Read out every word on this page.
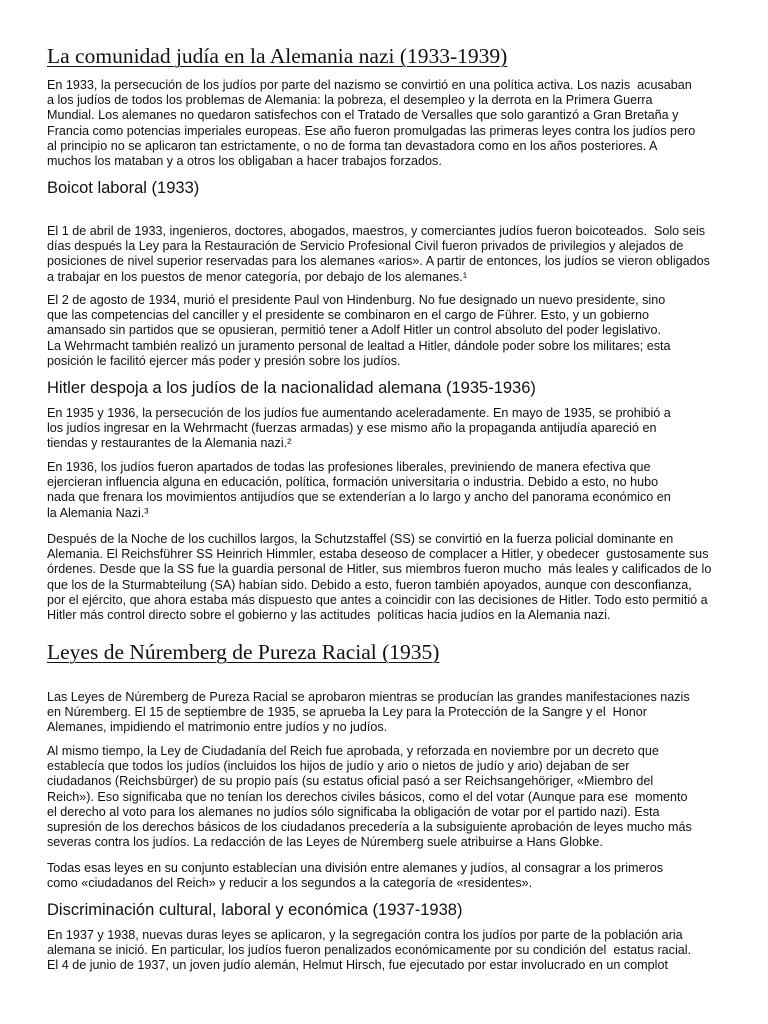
La comunidad judía en la Alemania nazi (1933-1939)

En 1933, la persecución de los judíos por parte del nazismo se convirtió en una política activa. Los nazis  acusaban
a los judíos de todos los problemas de Alemania: la pobreza, el desempleo y la derrota en la Primera Guerra
Mundial. Los alemanes no quedaron satisfechos con el Tratado de Versalles que solo garantizó a Gran Bretaña y
Francia como potencias imperiales europeas. Ese año fueron promulgadas las primeras leyes contra los judíos pero
al principio no se aplicaron tan estrictamente, o no de forma tan devastadora como en los años posteriores. A
muchos los mataban y a otros los obligaban a hacer trabajos forzados.

Boicot laboral (1933)

El 1 de abril de 1933, ingenieros, doctores, abogados, maestros, y comerciantes judíos fueron boicoteados.  Solo seis
días después la Ley para la Restauración de Servicio Profesional Civil fueron privados de privilegios y alejados de
posiciones de nivel superior reservadas para los alemanes «arios». A partir de entonces, los judíos se vieron obligados
a trabajar en los puestos de menor categoría, por debajo de los alemanes.¹

El 2 de agosto de 1934, murió el presidente Paul von Hindenburg. No fue designado un nuevo presidente, sino
que las competencias del canciller y el presidente se combinaron en el cargo de Führer. Esto, y un gobierno
amansado sin partidos que se opusieran, permitió tener a Adolf Hitler un control absoluto del poder legislativo.
La Wehrmacht también realizó un juramento personal de lealtad a Hitler, dándole poder sobre los militares; esta
posición le facilitó ejercer más poder y presión sobre los judíos.

Hitler despoja a los judíos de la nacionalidad alemana (1935-1936)

En 1935 y 1936, la persecución de los judíos fue aumentando aceleradamente. En mayo de 1935, se prohibió a
los judíos ingresar en la Wehrmacht (fuerzas armadas) y ese mismo año la propaganda antijudía apareció en
tiendas y restaurantes de la Alemania nazi.²

En 1936, los judíos fueron apartados de todas las profesiones liberales, previniendo de manera efectiva que
ejercieran influencia alguna en educación, política, formación universitaria o industria. Debido a esto, no hubo
nada que frenara los movimientos antijudíos que se extenderían a lo largo y ancho del panorama económico en
la Alemania Nazi.³

Después de la Noche de los cuchillos largos, la Schutzstaffel (SS) se convirtió en la fuerza policial dominante en
Alemania. El Reichsführer SS Heinrich Himmler, estaba deseoso de complacer a Hitler, y obedecer  gustosamente sus
órdenes. Desde que la SS fue la guardia personal de Hitler, sus miembros fueron mucho  más leales y calificados de lo
que los de la Sturmabteilung (SA) habían sido. Debido a esto, fueron también apoyados, aunque con desconfianza,
por el ejército, que ahora estaba más dispuesto que antes a coincidir con las decisiones de Hitler. Todo esto permitió a
Hitler más control directo sobre el gobierno y las actitudes  políticas hacia judíos en la Alemania nazi.

Leyes de Núremberg de Pureza Racial (1935)

Las Leyes de Núremberg de Pureza Racial se aprobaron mientras se producían las grandes manifestaciones nazis
en Núremberg. El 15 de septiembre de 1935, se aprueba la Ley para la Protección de la Sangre y el  Honor
Alemanes, impidiendo el matrimonio entre judíos y no judíos.

Al mismo tiempo, la Ley de Ciudadanía del Reich fue aprobada, y reforzada en noviembre por un decreto que
establecía que todos los judíos (incluidos los hijos de judío y ario o nietos de judío y ario) dejaban de ser
ciudadanos (Reichsbürger) de su propio país (su estatus oficial pasó a ser Reichsangehöriger, «Miembro del
Reich»). Eso significaba que no tenían los derechos civiles básicos, como el del votar (Aunque para ese  momento
el derecho al voto para los alemanes no judíos sólo significaba la obligación de votar por el partido nazi). Esta
supresión de los derechos básicos de los ciudadanos precedería a la subsiguiente aprobación de leyes mucho más
severas contra los judíos. La redacción de las Leyes de Núremberg suele atribuirse a Hans Globke.

Todas esas leyes en su conjunto establecían una división entre alemanes y judíos, al consagrar a los primeros
como «ciudadanos del Reich» y reducir a los segundos a la categoría de «residentes».

Discriminación cultural, laboral y económica (1937-1938)

En 1937 y 1938, nuevas duras leyes se aplicaron, y la segregación contra los judíos por parte de la población aria
alemana se inició. En particular, los judíos fueron penalizados económicamente por su condición del  estatus racial.
El 4 de junio de 1937, un joven judío alemán, Helmut Hirsch, fue ejecutado por estar involucrado en un complot
